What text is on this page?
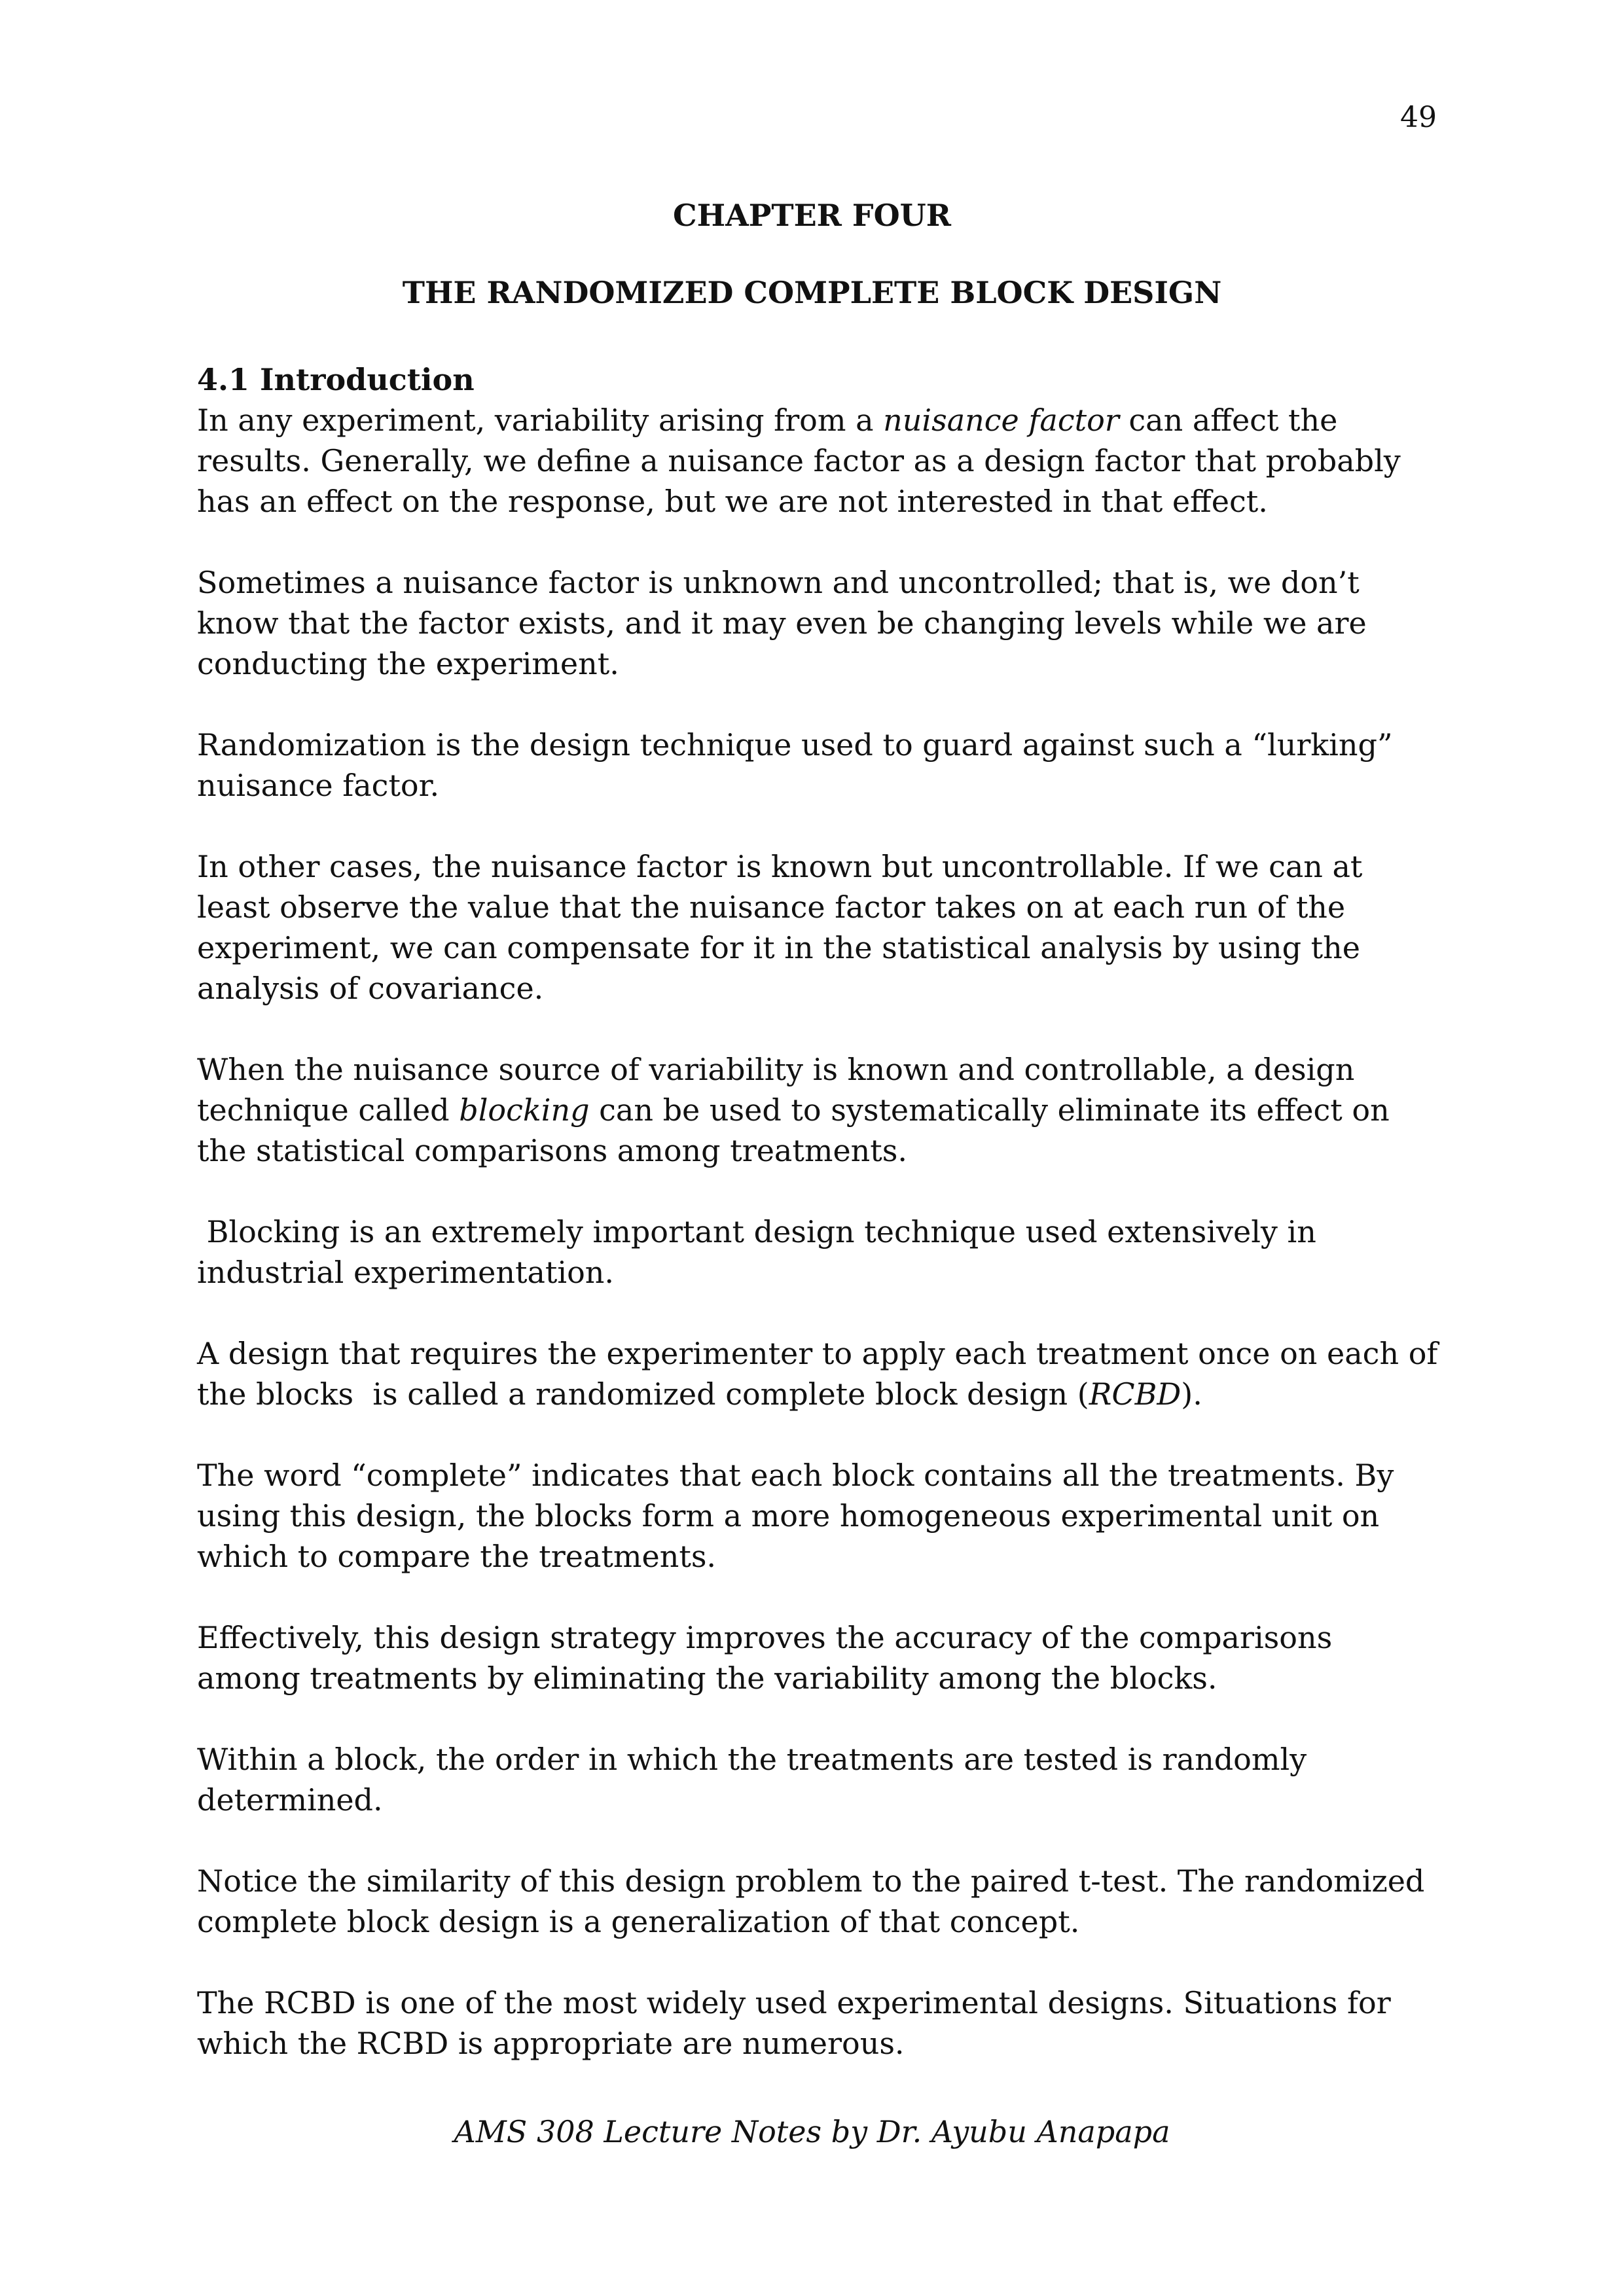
49
CHAPTER FOUR
THE RANDOMIZED COMPLETE BLOCK DESIGN

4.1 Introduction

In any experiment, variability arising from a nuisance factor can affect the results. Generally, we define a nuisance factor as a design factor that probably has an effect on the response, but we are not interested in that effect.

Sometimes a nuisance factor is unknown and uncontrolled; that is, we don’t know that the factor exists, and it may even be changing levels while we are conducting the experiment.

Randomization is the design technique used to guard against such a “lurking” nuisance factor.

In other cases, the nuisance factor is known but uncontrollable. If we can at least observe the value that the nuisance factor takes on at each run of the experiment, we can compensate for it in the statistical analysis by using the analysis of covariance.

When the nuisance source of variability is known and controllable, a design technique called blocking can be used to systematically eliminate its effect on the statistical comparisons among treatments.

Blocking is an extremely important design technique used extensively in industrial experimentation.

A design that requires the experimenter to apply each treatment once on each of the blocks  is called a randomized complete block design (RCBD).

The word “complete” indicates that each block contains all the treatments. By using this design, the blocks form a more homogeneous experimental unit on which to compare the treatments.

Effectively, this design strategy improves the accuracy of the comparisons among treatments by eliminating the variability among the blocks.

Within a block, the order in which the treatments are tested is randomly determined.

Notice the similarity of this design problem to the paired t-test. The randomized complete block design is a generalization of that concept.

The RCBD is one of the most widely used experimental designs. Situations for which the RCBD is appropriate are numerous.

AMS 308 Lecture Notes by Dr. Ayubu Anapapa
